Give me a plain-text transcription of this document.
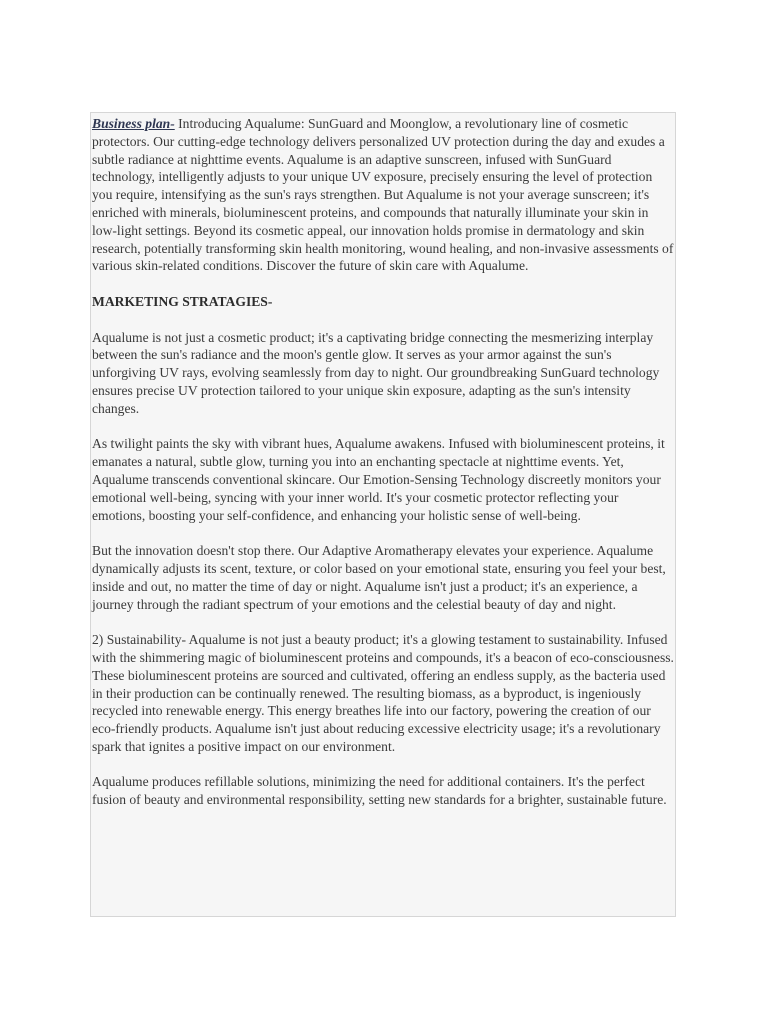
Business plan- Introducing Aqualume: SunGuard and Moonglow, a revolutionary line of cosmetic protectors. Our cutting-edge technology delivers personalized UV protection during the day and exudes a subtle radiance at nighttime events. Aqualume is an adaptive sunscreen, infused with SunGuard technology, intelligently adjusts to your unique UV exposure, precisely ensuring the level of protection you require, intensifying as the sun's rays strengthen. But Aqualume is not your average sunscreen; it's enriched with minerals, bioluminescent proteins, and compounds that naturally illuminate your skin in low-light settings. Beyond its cosmetic appeal, our innovation holds promise in dermatology and skin research, potentially transforming skin health monitoring, wound healing, and non-invasive assessments of various skin-related conditions. Discover the future of skin care with Aqualume.

MARKETING STRATAGIES-

Aqualume is not just a cosmetic product; it's a captivating bridge connecting the mesmerizing interplay between the sun's radiance and the moon's gentle glow. It serves as your armor against the sun's unforgiving UV rays, evolving seamlessly from day to night. Our groundbreaking SunGuard technology ensures precise UV protection tailored to your unique skin exposure, adapting as the sun's intensity changes.

As twilight paints the sky with vibrant hues, Aqualume awakens. Infused with bioluminescent proteins, it emanates a natural, subtle glow, turning you into an enchanting spectacle at nighttime events. Yet, Aqualume transcends conventional skincare. Our Emotion-Sensing Technology discreetly monitors your emotional well-being, syncing with your inner world. It's your cosmetic protector reflecting your emotions, boosting your self-confidence, and enhancing your holistic sense of well-being.

But the innovation doesn't stop there. Our Adaptive Aromatherapy elevates your experience. Aqualume dynamically adjusts its scent, texture, or color based on your emotional state, ensuring you feel your best, inside and out, no matter the time of day or night. Aqualume isn't just a product; it's an experience, a journey through the radiant spectrum of your emotions and the celestial beauty of day and night.

2) Sustainability- Aqualume is not just a beauty product; it's a glowing testament to sustainability. Infused with the shimmering magic of bioluminescent proteins and compounds, it's a beacon of eco-consciousness. These bioluminescent proteins are sourced and cultivated, offering an endless supply, as the bacteria used in their production can be continually renewed. The resulting biomass, as a byproduct, is ingeniously recycled into renewable energy. This energy breathes life into our factory, powering the creation of our eco-friendly products. Aqualume isn't just about reducing excessive electricity usage; it's a revolutionary spark that ignites a positive impact on our environment.

Aqualume produces refillable solutions, minimizing the need for additional containers. It's the perfect fusion of beauty and environmental responsibility, setting new standards for a brighter, sustainable future.
